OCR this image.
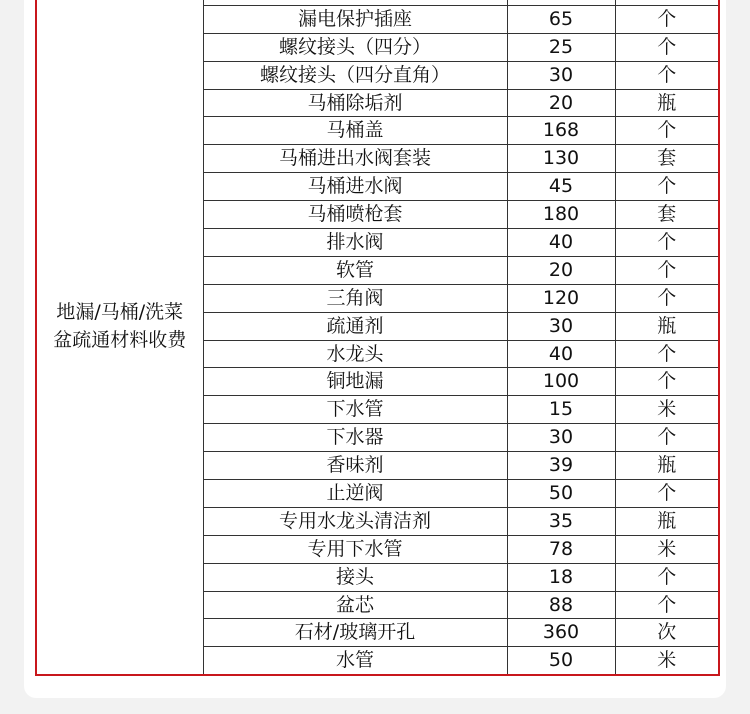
地漏/马桶/洗菜盆疏通材料收费			
	漏电保护插座	65	个
	螺纹接头（四分）	25	个
	螺纹接头（四分直角）	30	个
	马桶除垢剂	20	瓶
	马桶盖	168	个
	马桶进出水阀套装	130	套
	马桶进水阀	45	个
	马桶喷枪套	180	套
	排水阀	40	个
	软管	20	个
	三角阀	120	个
	疏通剂	30	瓶
	水龙头	40	个
	铜地漏	100	个
	下水管	15	米
	下水器	30	个
	香味剂	39	瓶
	止逆阀	50	个
	专用水龙头清洁剂	35	瓶
	专用下水管	78	米
	接头	18	个
	盆芯	88	个
	石材/玻璃开孔	360	次
	水管	50	米
